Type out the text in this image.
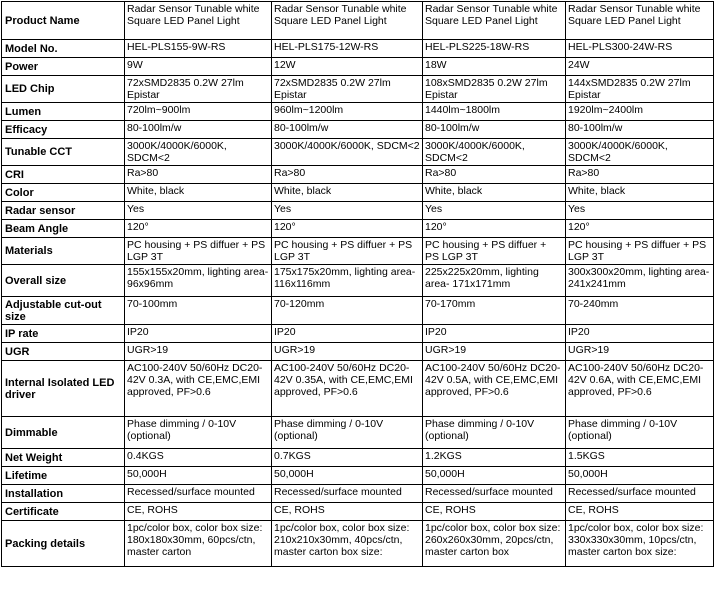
Product Name	Radar Sensor Tunable white Square LED Panel Light	Radar Sensor Tunable white Square LED Panel Light	Radar Sensor Tunable white Square LED Panel Light	Radar Sensor Tunable white Square LED Panel Light
Model No.	HEL-PLS155-9W-RS	HEL-PLS175-12W-RS	HEL-PLS225-18W-RS	HEL-PLS300-24W-RS
Power	9W	12W	18W	24W
LED Chip	72xSMD2835 0.2W 27lm Epistar	72xSMD2835 0.2W 27lm Epistar	108xSMD2835 0.2W 27lm Epistar	144xSMD2835 0.2W 27lm Epistar
Lumen	720lm~900lm	960lm~1200lm	1440lm~1800lm	1920lm~2400lm
Efficacy	80-100lm/w	80-100lm/w	80-100lm/w	80-100lm/w
Tunable CCT	3000K/4000K/6000K, SDCM<2	3000K/4000K/6000K, SDCM<2	3000K/4000K/6000K, SDCM<2	3000K/4000K/6000K, SDCM<2
CRI	Ra>80	Ra>80	Ra>80	Ra>80
Color	White, black	White, black	White, black	White, black
Radar sensor	Yes	Yes	Yes	Yes
Beam Angle	120°	120°	120°	120°
Materials	PC housing + PS diffuer + PS LGP 3T	PC housing + PS diffuer + PS LGP 3T	PC housing + PS diffuer + PS LGP 3T	PC housing + PS diffuer + PS LGP 3T
Overall size	155x155x20mm, lighting area- 96x96mm	175x175x20mm, lighting area-116x116mm	225x225x20mm, lighting area- 171x171mm	300x300x20mm, lighting area-241x241mm
Adjustable cut-out size	70-100mm	70-120mm	70-170mm	70-240mm
IP rate	IP20	IP20	IP20	IP20
UGR	UGR>19	UGR>19	UGR>19	UGR>19
Internal Isolated LED driver	AC100-240V 50/60Hz DC20-42V 0.3A, with CE,EMC,EMI approved, PF>0.6	AC100-240V 50/60Hz DC20-42V 0.35A, with CE,EMC,EMI approved, PF>0.6	AC100-240V 50/60Hz DC20-42V 0.5A, with CE,EMC,EMI approved, PF>0.6	AC100-240V 50/60Hz DC20-42V 0.6A, with CE,EMC,EMI approved, PF>0.6
Dimmable	Phase dimming / 0-10V (optional)	Phase dimming / 0-10V (optional)	Phase dimming / 0-10V (optional)	Phase dimming / 0-10V (optional)
Net Weight	0.4KGS	0.7KGS	1.2KGS	1.5KGS
Lifetime	50,000H	50,000H	50,000H	50,000H
Installation	Recessed/surface mounted	Recessed/surface mounted	Recessed/surface mounted	Recessed/surface mounted
Certificate	CE, ROHS	CE, ROHS	CE, ROHS	CE, ROHS
Packing details	1pc/color box, color box size: 180x180x30mm, 60pcs/ctn, master carton	1pc/color box, color box size: 210x210x30mm, 40pcs/ctn, master carton box size:	1pc/color box, color box size: 260x260x30mm, 20pcs/ctn, master carton box	1pc/color box, color box size: 330x330x30mm, 10pcs/ctn, master carton box size:
